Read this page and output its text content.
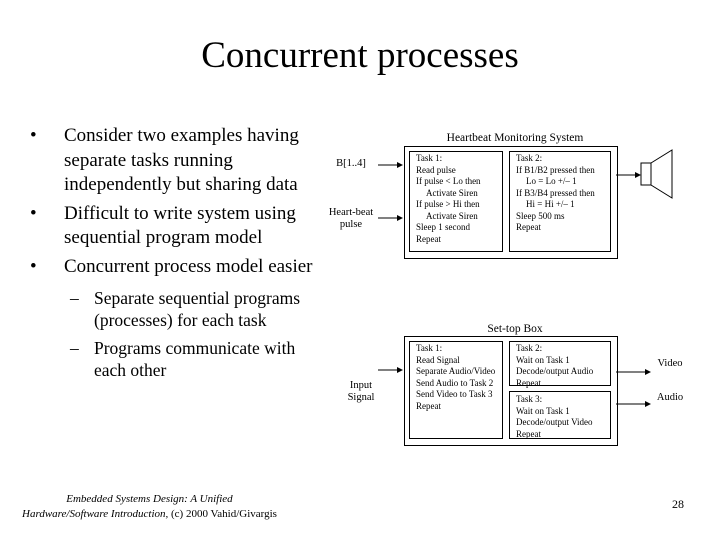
Concurrent processes
• Consider two examples having separate tasks running independently but sharing data
• Difficult to write system using sequential program model
• Concurrent process model easier
– Separate sequential programs (processes) for each task
– Programs communicate with each other
Heartbeat Monitoring System
B[1..4]
Heart-beat
pulse
Task 1:
Read pulse
If pulse < Lo then
Activate Siren
If pulse > Hi then
Activate Siren
Sleep 1 second
Repeat
Task 2:
If B1/B2 pressed then
Lo = Lo +/– 1
If B3/B4 pressed then
Hi = Hi +/– 1
Sleep 500 ms
Repeat
Set-top Box
Input
Signal
Task 1:
Read Signal
Separate Audio/Video
Send Audio to Task 2
Send Video to Task 3
Repeat
Task 2:
Wait on Task 1
Decode/output Audio
Repeat
Task 3:
Wait on Task 1
Decode/output Video
Repeat
Video
Audio
Embedded Systems Design: A Unified
Hardware/Software Introduction, (c) 2000 Vahid/Givargis
28
